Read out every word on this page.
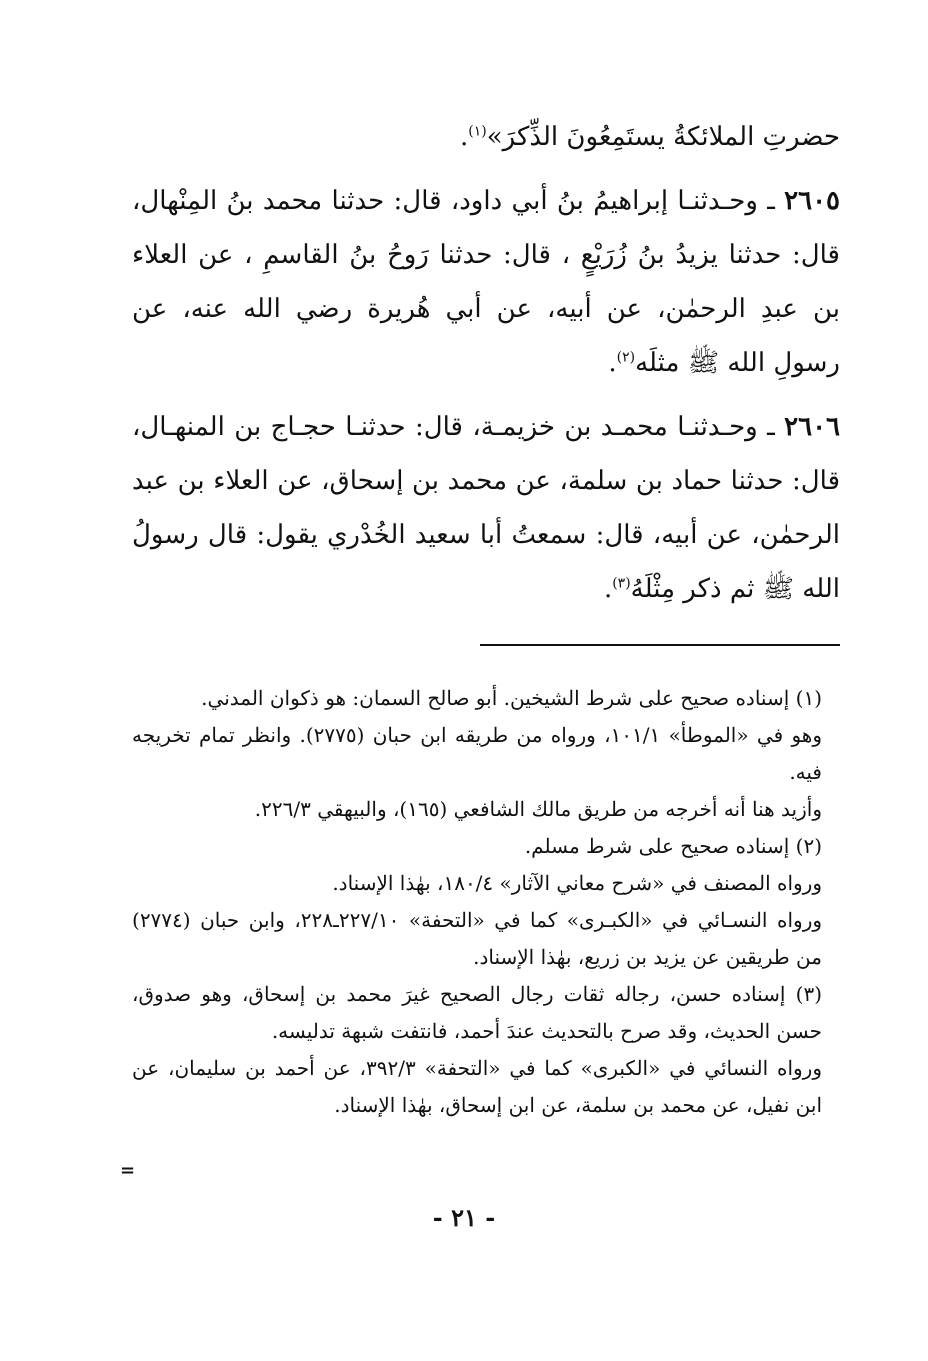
حضرتِ الملائكةُ يستَمِعُونَ الذِّكرَ»$^{(١)}$.

٢٦٠٥ ـ وحـدثنـا إبراهيمُ بنُ أبي داود، قال: حدثنا محمد بنُ المِنْهال، قال: حدثنا يزيدُ بنُ زُرَيْعٍ ، قال: حدثنا رَوحُ بنُ القاسمِ ، عن العلاء بن عبدِ الرحمٰن، عن أبيه، عن أبي هُريرة رضي الله عنه، عن رسولِ الله ﷺ مثلَه$^{(٢)}$.

٢٦٠٦ ـ وحـدثنـا محمـد بن خزيمـة، قال: حدثنـا حجـاج بن المنهـال، قال: حدثنا حماد بن سلمة، عن محمد بن إسحاق، عن العلاء بن عبد الرحمٰن، عن أبيه، قال: سمعتُ أبا سعيد الخُدْري يقول: قال رسولُ الله ﷺ ثم ذكر مِثْلَهُ$^{(٣)}$.

(١) إسناده صحيح على شرط الشيخين. أبو صالح السمان: هو ذكوان المدني.

وهو في «الموطأ» ١٠١/١، ورواه من طريقه ابن حبان (٢٧٧٥). وانظر تمام تخريجه فيه.

وأزيد هنا أنه أخرجه من طريق مالك الشافعي (١٦٥)، والبيهقي ٢٢٦/٣.

(٢) إسناده صحيح على شرط مسلم.

ورواه المصنف في «شرح معاني الآثار» ١٨٠/٤، بهٰذا الإسناد.

ورواه النسـائي في «الكبـرى» كما في «التحفة» ٢٢٧/١٠ـ٢٢٨، وابن حبان (٢٧٧٤) من طريقين عن يزيد بن زريع، بهٰذا الإسناد.

(٣) إسناده حسن، رجاله ثقات رجال الصحيح غيرَ محمد بن إسحاق، وهو صدوق، حسن الحديث، وقد صرح بالتحديث عندَ أحمد، فانتفت شبهة تدليسه.

ورواه النسائي في «الكبرى» كما في «التحفة» ٣٩٢/٣، عن أحمد بن سليمان، عن ابن نفيل، عن محمد بن سلمة، عن ابن إسحاق، بهٰذا الإسناد.

=
- ٢١ -
